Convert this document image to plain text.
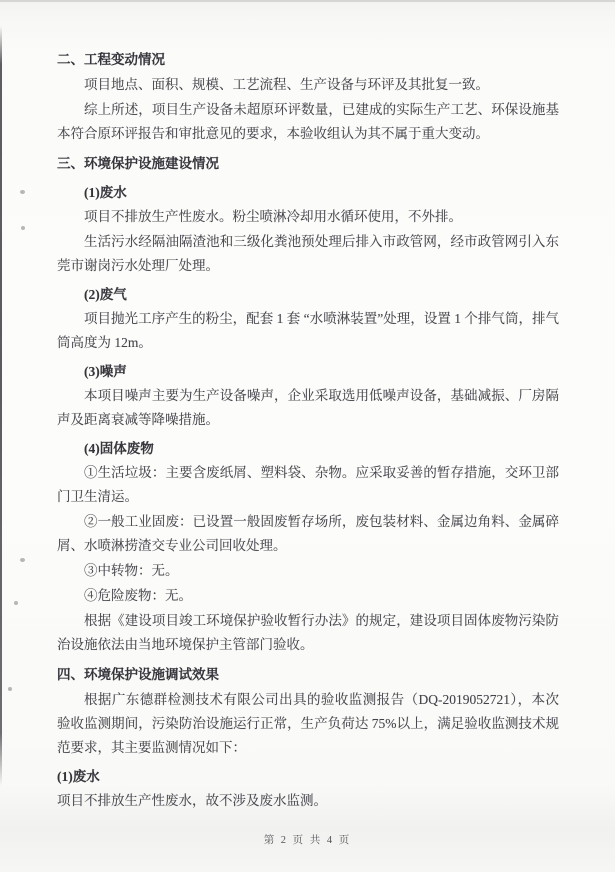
二、工程变动情况
项目地点、面积、规模、工艺流程、生产设备与环评及其批复一致。
综上所述，项目生产设备未超原环评数量，已建成的实际生产工艺、环保设施基本符合原环评报告和审批意见的要求，本验收组认为其不属于重大变动。
三、环境保护设施建设情况
(1)废水
项目不排放生产性废水。粉尘喷淋冷却用水循环使用，不外排。
生活污水经隔油隔渣池和三级化粪池预处理后排入市政管网，经市政管网引入东莞市谢岗污水处理厂处理。
(2)废气
项目抛光工序产生的粉尘，配套 1 套 “水喷淋装置”处理，设置 1 个排气筒，排气筒高度为 12m。
(3)噪声
本项目噪声主要为生产设备噪声，企业采取选用低噪声设备，基础减振、厂房隔声及距离衰减等降噪措施。
(4)固体废物
①生活垃圾：主要含废纸屑、塑料袋、杂物。应采取妥善的暂存措施，交环卫部门卫生清运。
②一般工业固废：已设置一般固废暂存场所，废包装材料、金属边角料、金属碎屑、水喷淋捞渣交专业公司回收处理。
③中转物：无。
④危险废物：无。
根据《建设项目竣工环境保护验收暂行办法》的规定，建设项目固体废物污染防治设施依法由当地环境保护主管部门验收。
四、环境保护设施调试效果
根据广东德群检测技术有限公司出具的验收监测报告（DQ-2019052721），本次验收监测期间，污染防治设施运行正常，生产负荷达 75%以上，满足验收监测技术规范要求，其主要监测情况如下：
(1)废水
项目不排放生产性废水，故不涉及废水监测。
第 2 页 共 4 页
